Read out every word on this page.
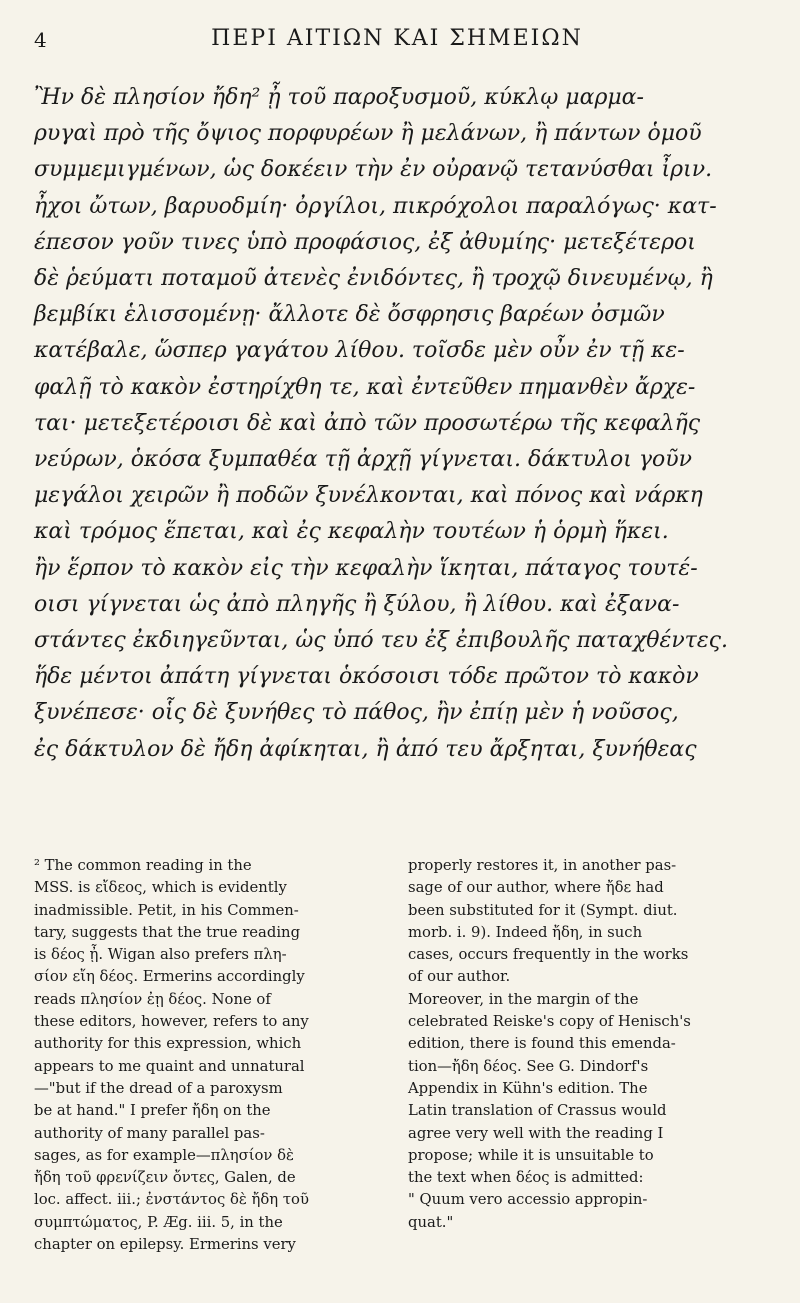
4	ΠΕΡΙ ΑΙΤΙΩΝ ΚΑΙ ΣΗΜΕΙΩΝ
Ἢν δὲ πλησίον ἤδη² ᾖ τοῦ παροξυσμοῦ, κύκλῳ μαρμα-
ρυγαὶ πρὸ τῆς ὄψιος πορφυρέων ἢ μελάνων, ἢ πάντων ὁμοῦ
συμμεμιγμένων, ὡς δοκέειν τὴν ἐν οὐρανῷ τετανύσθαι ἶριν.
ἦχοι ὤτων, βαρυοδμίη· ὀργίλοι, πικρόχολοι παραλόγως· κατ-
έπεσον γοῦν τινες ὑπὸ προφάσιος, ἐξ ἀθυμίης· μετεξέτεροι
δὲ ῥεύματι ποταμοῦ ἀτενὲς ἐνιδόντες, ἢ τροχῷ δινευμένῳ, ἢ
βεμβίκι ἑλισσομένῃ· ἄλλοτε δὲ ὄσφρησις βαρέων ὀσμῶν
κατέβαλε, ὥσπερ γαγάτου λίθου. τοῖσδε μὲν οὖν ἐν τῇ κε-
φαλῇ τὸ κακὸν ἐστηρίχθη τε, καὶ ἐντεῦθεν πημανθὲν ἄρχε-
ται· μετεξετέροισι δὲ καὶ ἀπὸ τῶν προσωτέρω τῆς κεφαλῆς
νεύρων, ὁκόσα ξυμπαθέα τῇ ἀρχῇ γίγνεται. δάκτυλοι γοῦν
μεγάλοι χειρῶν ἢ ποδῶν ξυνέλκονται, καὶ πόνος καὶ νάρκη
καὶ τρόμος ἕπεται, καὶ ἐς κεφαλὴν τουτέων ἡ ὁρμὴ ἥκει.
ἢν ἕρπον τὸ κακὸν εἰς τὴν κεφαλὴν ἵκηται, πάταγος τουτέ-
οισι γίγνεται ὡς ἀπὸ πληγῆς ἢ ξύλου, ἢ λίθου. καὶ ἐξανα-
στάντες ἐκδιηγεῦνται, ὡς ὑπό τευ ἐξ ἐπιβουλῆς παταχθέντες.
ἥδε μέντοι ἀπάτη γίγνεται ὁκόσοισι τόδε πρῶτον τὸ κακὸν
ξυνέπεσε· οἷς δὲ ξυνήθες τὸ πάθος, ἢν ἐπίῃ μὲν ἡ νοῦσος,
ἐς δάκτυλον δὲ ἤδη ἀφίκηται, ἢ ἀπό τευ ἄρξηται, ξυνήθεας
² The common reading in the
MSS. is εἴδεος, which is evidently
inadmissible. Petit, in his Commen-
tary, suggests that the true reading
is δέος ᾖ. Wigan also prefers πλη-
σίον εἴη δέος. Ermerins accordingly
reads πλησίον ἐῃ δέος. None of
these editors, however, refers to any
authority for this expression, which
appears to me quaint and unnatural
—"but if the dread of a paroxysm
be at hand." I prefer ἤδη on the
authority of many parallel pas-
sages, as for example—πλησίον δὲ
ἤδη τοῦ φρενίζειν ὄντες, Galen, de
loc. affect. iii.; ἐνστάντος δὲ ἤδη τοῦ
συμπτώματος, P. Æg. iii. 5, in the
chapter on epilepsy. Ermerins very
properly restores it, in another pas-
sage of our author, where ἤδε had
been substituted for it (Sympt. diut.
morb. i. 9). Indeed ἤδη, in such
cases, occurs frequently in the works
of our author.
Moreover, in the margin of the
celebrated Reiske's copy of Henisch's
edition, there is found this emenda-
tion—ἤδη δέος. See G. Dindorf's
Appendix in Kühn's edition. The
Latin translation of Crassus would
agree very well with the reading I
propose; while it is unsuitable to
the text when δέος is admitted:
" Quum vero accessio appropin-
quat."
